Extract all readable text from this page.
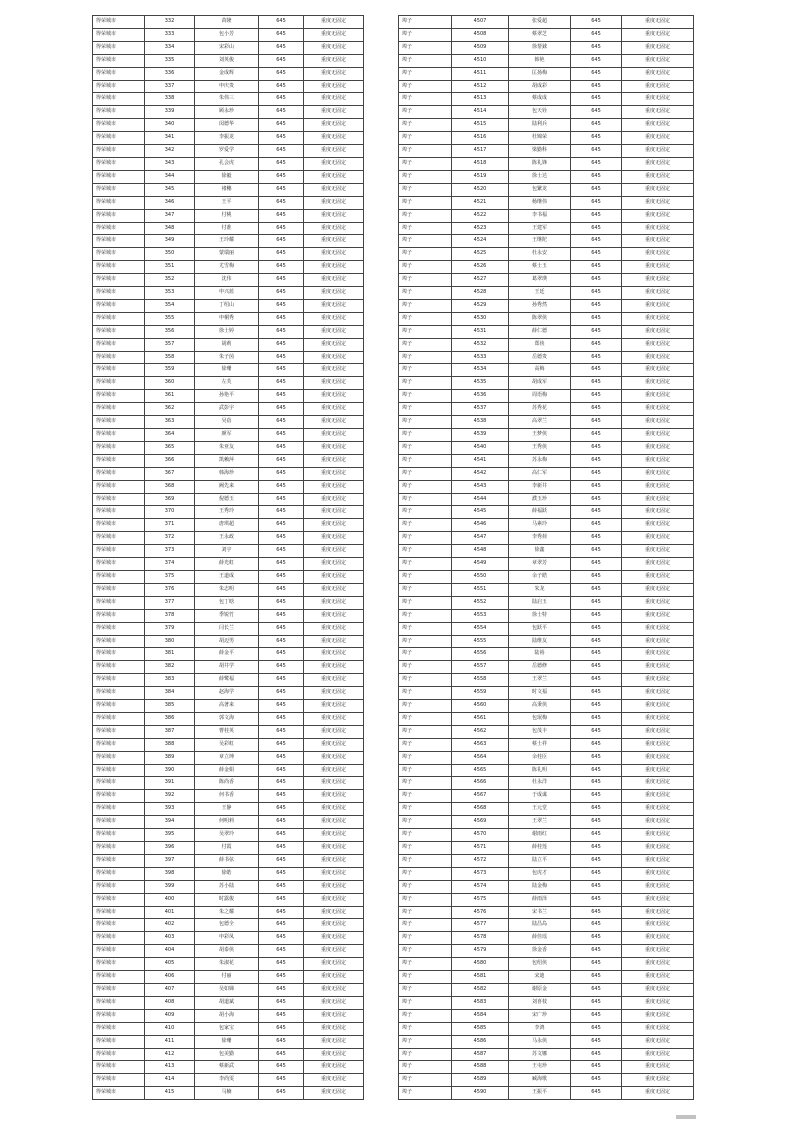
得荣城市	332	苗隆	645	重度无固定
得荣城市	333	包小芳	645	重度无固定
得荣城市	334	宋彩山	645	重度无固定
得荣城市	335	刘英俊	645	重度无固定
得荣城市	336	金成辉	645	重度无固定
得荣城市	337	申庆贵	645	重度无固定
得荣城市	338	朱伟三	645	重度无固定
得荣城市	339	顾永珍	645	重度无固定
得荣城市	340	闵德华	645	重度无固定
得荣城市	341	李振龙	645	重度无固定
得荣城市	342	罗爱学	645	重度无固定
得荣城市	343	孔会虎	645	重度无固定
得荣城市	344	徐毅	645	重度无固定
得荣城市	345	褚穗	645	重度无固定
得荣城市	346	王平	645	重度无固定
得荣城市	347	付桃	645	重度无固定
得荣城市	348	付准	645	重度无固定
得荣城市	349	王玲耀	645	重度无固定
得荣城市	350	蒙瑞丽	645	重度无固定
得荣城市	351	尤雪梅	645	重度无固定
得荣城市	352	沈伟	645	重度无固定
得荣城市	353	申兴蓝	645	重度无固定
得荣城市	354	丁绍山	645	重度无固定
得荣城市	355	申桐秀	645	重度无固定
得荣城市	356	徐士婷	645	重度无固定
得荣城市	357	胡莉	645	重度无固定
得荣城市	358	朱子茵	645	重度无固定
得荣城市	359	徐珊	645	重度无固定
得荣城市	360	左芙	645	重度无固定
得荣城市	361	孙艳平	645	重度无固定
得荣城市	362	武彭宇	645	重度无固定
得荣城市	363	吴蓓	645	重度无固定
得荣城市	364	颜军	645	重度无固定
得荣城市	365	朱亚友	645	重度无固定
得荣城市	366	凯赖萍	645	重度无固定
得荣城市	367	韩海珍	645	重度无固定
得荣城市	368	阙先来	645	重度无固定
得荣城市	369	倪德玉	645	重度无固定
得荣城市	370	王秀玲	645	重度无固定
得荣城市	371	唐琪超	645	重度无固定
得荣城市	372	王永政	645	重度无固定
得荣城市	373	刘宇	645	重度无固定
得荣城市	374	薛光虹	645	重度无固定
得荣城市	375	王道成	645	重度无固定
得荣城市	376	朱志明	645	重度无固定
得荣城市	377	包丁晗	645	重度无固定
得荣城市	378	季锐竹	645	重度无固定
得荣城市	379	闫长兰	645	重度无固定
得荣城市	380	胡迈男	645	重度无固定
得荣城市	381	薛金平	645	重度无固定
得荣城市	382	胡井学	645	重度无固定
得荣城市	383	薛鹭福	645	重度无固定
得荣城市	384	赵海学	645	重度无固定
得荣城市	385	高著来	645	重度无固定
得荣城市	386	郭文海	645	重度无固定
得荣城市	387	曹桂英	645	重度无固定
得荣城市	388	吴彩虹	645	重度无固定
得荣城市	389	章立坤	645	重度无固定
得荣城市	390	薛金娟	645	重度无固定
得荣城市	391	陈尚香	645	重度无固定
得荣城市	392	何书香	645	重度无固定
得荣城市	393	王静	645	重度无固定
得荣城市	394	何明莉	645	重度无固定
得荣城市	395	吴翠玲	645	重度无固定
得荣城市	396	付霞	645	重度无固定
得荣城市	397	薛书弦	645	重度无固定
得荣城市	398	徐皓	645	重度无固定
得荣城市	399	苏小陆	645	重度无固定
得荣城市	400	时露俊	645	重度无固定
得荣城市	401	朱之耀	645	重度无固定
得荣城市	402	包德全	645	重度无固定
得荣城市	403	申彩凤	645	重度无固定
得荣城市	404	胡泰侠	645	重度无固定
得荣城市	405	朱淑花	645	重度无固定
得荣城市	406	付丽	645	重度无固定
得荣城市	407	吴如娣	645	重度无固定
得荣城市	408	胡道斌	645	重度无固定
得荣城市	409	胡小海	645	重度无固定
得荣城市	410	包家宝	645	重度无固定
得荣城市	411	徐珊	645	重度无固定
得荣城市	412	包美勤	645	重度无固定
得荣城市	413	蔡新武	645	重度无固定
得荣城市	414	李尚雯	645	重度无固定
得荣城市	415	马楠	645	重度无固定
埠子	4507	张爱超	645	重度无固定
埠子	4508	蔡翠芝	645	重度无固定
埠子	4509	徐帮銶	645	重度无固定
埠子	4510	韩艳	645	重度无固定
埠子	4511	匡扬梅	645	重度无固定
埠子	4512	胡成彩	645	重度无固定
埠子	4513	蔡成成	645	重度无固定
埠子	4514	包天铨	645	重度无固定
埠子	4515	陆利兵	645	重度无固定
埠子	4516	杜锦荣	645	重度无固定
埠子	4517	梁勤科	645	重度无固定
埠子	4518	陈礼锋	645	重度无固定
埠子	4519	徐士达	645	重度无固定
埠子	4520	包繁龙	645	重度无固定
埠子	4521	杨继伟	645	重度无固定
埠子	4522	李书福	645	重度无固定
埠子	4523	王建军	645	重度无固定
埠子	4524	王继陀	645	重度无固定
埠子	4525	杜永安	645	重度无固定
埠子	4526	蔡士玉	645	重度无固定
埠子	4527	葛翠瑛	645	重度无固定
埠子	4528	王廷	645	重度无固定
埠子	4529	孙秀然	645	重度无固定
埠子	4530	陈翠侠	645	重度无固定
埠子	4531	薛仁德	645	重度无固定
埠子	4532	郑侠	645	重度无固定
埠子	4533	岳德贵	645	重度无固定
埠子	4534	高梅	645	重度无固定
埠子	4535	胡成军	645	重度无固定
埠子	4536	周语梅	645	重度无固定
埠子	4537	苏秀花	645	重度无固定
埠子	4538	高翠兰	645	重度无固定
埠子	4539	王梦侠	645	重度无固定
埠子	4540	王秀侠	645	重度无固定
埠子	4541	苏永梅	645	重度无固定
埠子	4542	高仁军	645	重度无固定
埠子	4543	李新井	645	重度无固定
埠子	4544	濮玉珍	645	重度无固定
埠子	4545	薛福跃	645	重度无固定
埠子	4546	马素玲	645	重度无固定
埠子	4547	李秀荷	645	重度无固定
埠子	4548	徐鑫	645	重度无固定
埠子	4549	章翠芳	645	重度无固定
埠子	4550	余子皓	645	重度无固定
埠子	4551	朱龙	645	重度无固定
埠子	4552	陆启玉	645	重度无固定
埠子	4553	徐士特	645	重度无固定
埠子	4554	包跃平	645	重度无固定
埠子	4555	陆维友	645	重度无固定
埠子	4556	陆裕	645	重度无固定
埠子	4557	岳德修	645	重度无固定
埠子	4558	王翠兰	645	重度无固定
埠子	4559	时文福	645	重度无固定
埠子	4560	高秉侠	645	重度无固定
埠子	4561	包珉梅	645	重度无固定
埠子	4562	包茂丰	645	重度无固定
埠子	4563	蔡士祥	645	重度无固定
埠子	4564	余桂臣	645	重度无固定
埠子	4565	陈礼明	645	重度无固定
埠子	4566	杜永洋	645	重度无固定
埠子	4567	于成谋	645	重度无固定
埠子	4568	王元堂	645	重度无固定
埠子	4569	王翠兰	645	重度无固定
埠子	4570	谢雨红	645	重度无固定
埠子	4571	薛桂莲	645	重度无固定
埠子	4572	陆立平	645	重度无固定
埠子	4573	包虎才	645	重度无固定
埠子	4574	陆金梅	645	重度无固定
埠子	4575	薛雨泽	645	重度无固定
埠子	4576	宋书兰	645	重度无固定
埠子	4577	陆昌岛	645	重度无固定
埠子	4578	薛佳瑶	645	重度无固定
埠子	4579	徐金香	645	重度无固定
埠子	4580	包绍侠	645	重度无固定
埠子	4581	宋迪	645	重度无固定
埠子	4582	谢原金	645	重度无固定
埠子	4583	刘喜枝	645	重度无固定
埠子	4584	宋广珍	645	重度无固定
埠子	4585	李鸿	645	重度无固定
埠子	4586	马永侠	645	重度无固定
埠子	4587	苏文娜	645	重度无固定
埠子	4588	王屯珍	645	重度无固定
埠子	4589	臧海歌	645	重度无固定
埠子	4590	王振平	645	重度无固定
